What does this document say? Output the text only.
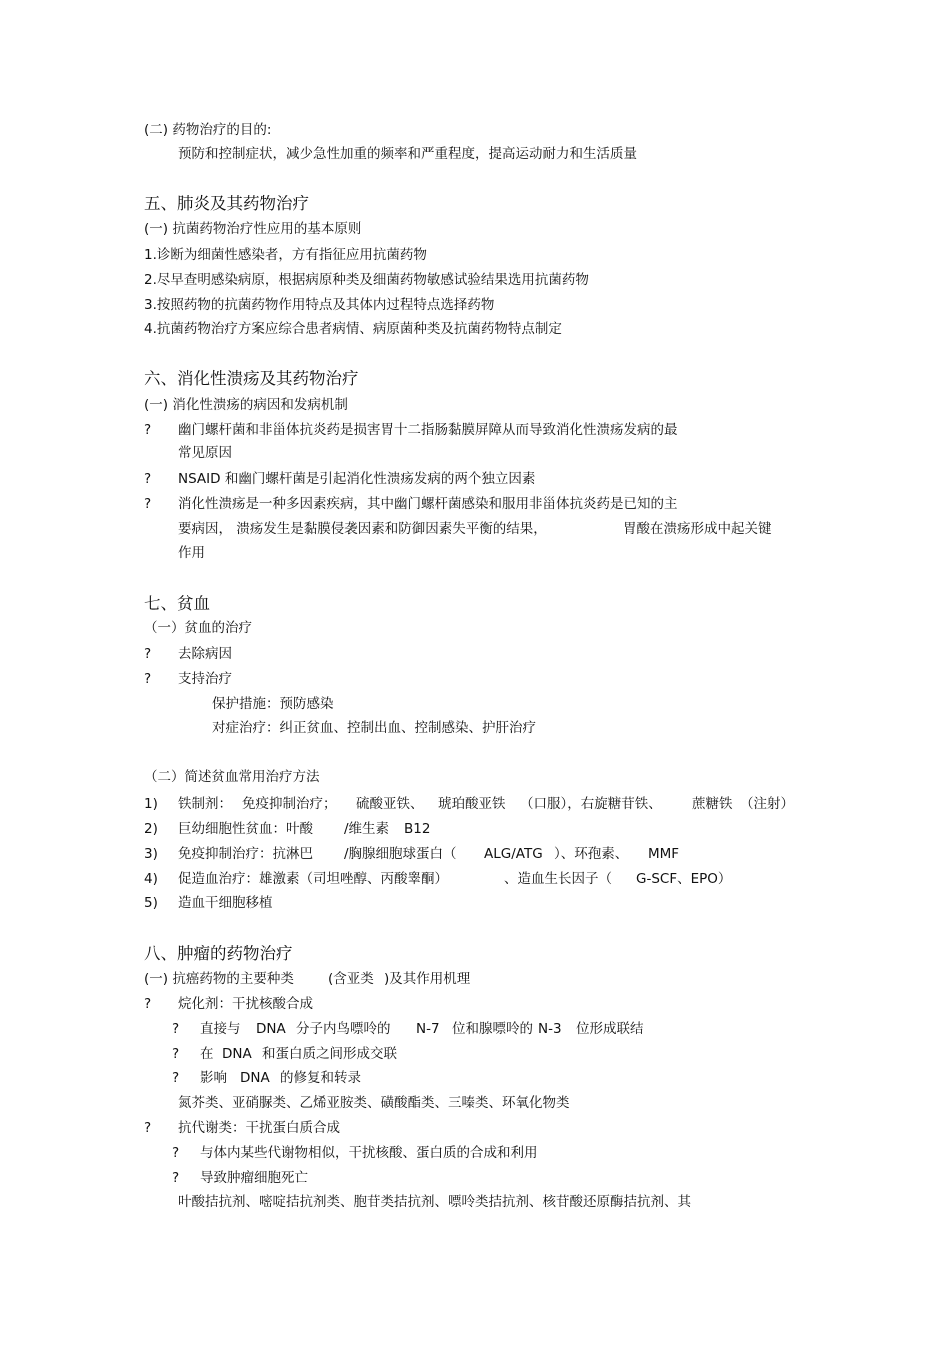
(二) 药物治疗的目的:
预防和控制症状，减少急性加重的频率和严重程度，提高运动耐力和生活质量
五、肺炎及其药物治疗
(一) 抗菌药物治疗性应用的基本原则
1.诊断为细菌性感染者，方有指征应用抗菌药物
2.尽早查明感染病原，根据病原种类及细菌药物敏感试验结果选用抗菌药物
3.按照药物的抗菌药物作用特点及其体内过程特点选择药物
4.抗菌药物治疗方案应综合患者病情、病原菌种类及抗菌药物特点制定
六、消化性溃疡及其药物治疗
(一) 消化性溃疡的病因和发病机制
? 幽门螺杆菌和非甾体抗炎药是损害胃十二指肠黏膜屏障从而导致消化性溃疡发病的最
常见原因
? NSAID 和幽门螺杆菌是引起消化性溃疡发病的两个独立因素
? 消化性溃疡是一种多因素疾病，其中幽门螺杆菌感染和服用非甾体抗炎药是已知的主
要病因， 溃疡发生是黏膜侵袭因素和防御因素失平衡的结果，	胃酸在溃疡形成中起关键
作用
七、贫血
（一）贫血的治疗
? 去除病因
? 支持治疗
保护措施：预防感染
对症治疗：纠正贫血、控制出血、控制感染、护肝治疗
（二）简述贫血常用治疗方法
1) 铁制剂： 免疫抑制治疗； 硫酸亚铁、 琥珀酸亚铁 （口服），右旋糖苷铁、 蔗糖铁 （注射）
2) 巨幼细胞性贫血：叶酸 /维生素 B12
3) 免疫抑制治疗：抗淋巴 /胸腺细胞球蛋白（ ALG/ATG ）、环孢素、 MMF
4) 促造血治疗：雄激素（司坦唑醇、丙酸睾酮）	、造血生长因子（ G-SCF、EPO）
5) 造血干细胞移植
八、肿瘤的药物治疗
(一) 抗癌药物的主要种类	(含亚类 )及其作用机理
? 烷化剂：干扰核酸合成
? 直接与 DNA 分子内鸟嘌呤的 N-7 位和腺嘌呤的 N-3 位形成联结
? 在 DNA 和蛋白质之间形成交联
? 影响 DNA 的修复和转录
氮芥类、亚硝脲类、乙烯亚胺类、磺酸酯类、三嗪类、环氧化物类
? 抗代谢类：干扰蛋白质合成
? 与体内某些代谢物相似，干扰核酸、蛋白质的合成和利用
? 导致肿瘤细胞死亡
叶酸拮抗剂、嘧啶拮抗剂类、胞苷类拮抗剂、嘌呤类拮抗剂、核苷酸还原酶拮抗剂、其
